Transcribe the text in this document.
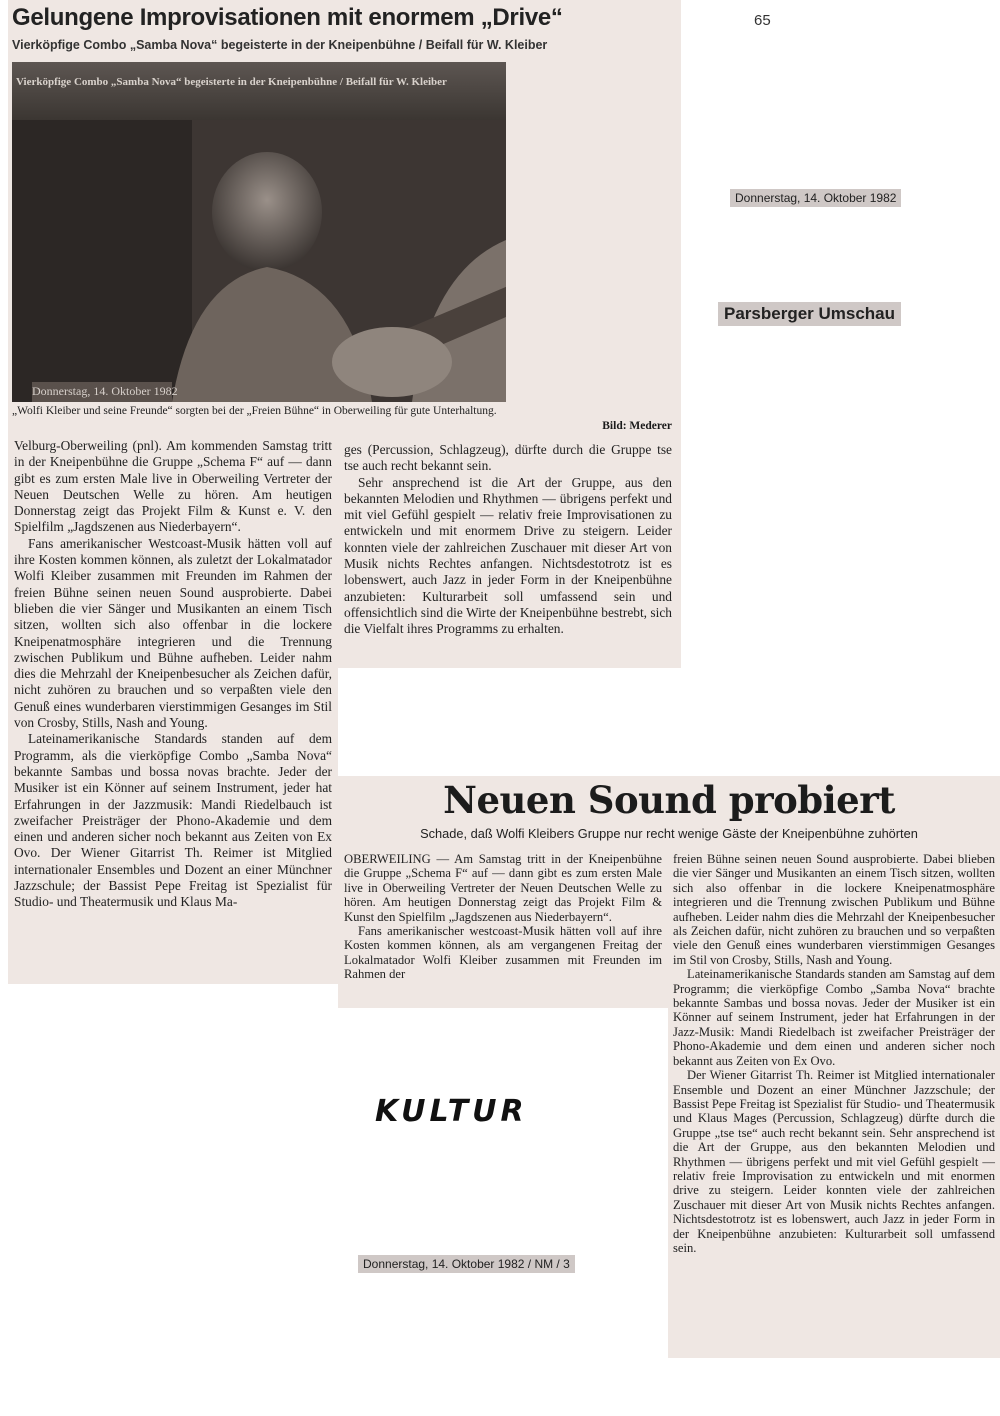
65
Gelungene Improvisationen mit enormem „Drive“
Vierköpfige Combo „Samba Nova“ begeisterte in der Kneipenbühne / Beifall für W. Kleiber
Vierköpfige Combo „Samba Nova“ begeisterte in der Kneipenbühne / Beifall für W. Kleiber
Donnerstag, 14. Oktober 1982
„Wolfi Kleiber und seine Freunde“ sorgten bei der „Freien Bühne“ in Oberweiling für gute Unterhaltung.
Bild: Mederer

Velburg-Oberweiling (pnl). Am kommenden Samstag tritt in der Kneipenbühne die Gruppe „Schema F“ auf — dann gibt es zum ersten Male live in Oberweiling Vertreter der Neuen Deutschen Welle zu hören. Am heutigen Donnerstag zeigt das Projekt Film & Kunst e. V. den Spielfilm „Jagdszenen aus Niederbayern“.

Fans amerikanischer Westcoast-Musik hätten voll auf ihre Kosten kommen können, als zuletzt der Lokalmatador Wolfi Kleiber zusammen mit Freunden im Rahmen der freien Bühne seinen neuen Sound ausprobierte. Dabei blieben die vier Sänger und Musikanten an einem Tisch sitzen, wollten sich also offenbar in die lockere Kneipenatmosphäre integrieren und die Trennung zwischen Publikum und Bühne aufheben. Leider nahm dies die Mehrzahl der Kneipenbesucher als Zeichen dafür, nicht zuhören zu brauchen und so verpaßten viele den Genuß eines wunderbaren vierstimmigen Gesanges im Stil von Crosby, Stills, Nash and Young.

Lateinamerikanische Standards standen auf dem Programm, als die vierköpfige Combo „Samba Nova“ bekannte Sambas und bossa novas brachte. Jeder der Musiker ist ein Könner auf seinem Instrument, jeder hat Erfahrungen in der Jazzmusik: Mandi Riedelbauch ist zweifacher Preisträger der Phono-Akademie und dem einen und anderen sicher noch bekannt aus Zeiten von Ex Ovo. Der Wiener Gitarrist Th. Reimer ist Mitglied internationaler Ensembles und Dozent an einer Münchner Jazzschule; der Bassist Pepe Freitag ist Spezialist für Studio- und Theatermusik und Klaus Ma-

ges (Percussion, Schlagzeug), dürfte durch die Gruppe tse tse auch recht bekannt sein.

Sehr ansprechend ist die Art der Gruppe, aus den bekannten Melodien und Rhythmen — übrigens perfekt und mit viel Gefühl gespielt — relativ freie Improvisationen zu entwickeln und mit enormem Drive zu steigern. Leider konnten viele der zahlreichen Zuschauer mit dieser Art von Musik nichts Rechtes anfangen. Nichtsdestotrotz ist es lobenswert, auch Jazz in jeder Form in der Kneipenbühne anzubieten: Kulturarbeit soll umfassend sein und offensichtlich sind die Wirte der Kneipenbühne bestrebt, sich die Vielfalt ihres Programms zu erhalten.

Donnerstag, 14. Oktober 1982
Parsberger Umschau
Neuen Sound probiert
Schade, daß Wolfi Kleibers Gruppe nur recht wenige Gäste der Kneipenbühne zuhörten

OBERWEILING — Am Samstag tritt in der Kneipenbühne die Gruppe „Schema F“ auf — dann gibt es zum ersten Male live in Oberweiling Vertreter der Neuen Deutschen Welle zu hören. Am heutigen Donnerstag zeigt das Projekt Film & Kunst den Spielfilm „Jagdszenen aus Niederbayern“.

Fans amerikanischer westcoast-Musik hätten voll auf ihre Kosten kommen können, als am vergangenen Freitag der Lokalmatador Wolfi Kleiber zusammen mit Freunden im Rahmen der

freien Bühne seinen neuen Sound ausprobierte. Dabei blieben die vier Sänger und Musikanten an einem Tisch sitzen, wollten sich also offenbar in die lockere Kneipenatmosphäre integrieren und die Trennung zwischen Publikum und Bühne aufheben. Leider nahm dies die Mehrzahl der Kneipenbesucher als Zeichen dafür, nicht zuhören zu brauchen und so verpaßten viele den Genuß eines wunderbaren vierstimmigen Gesanges im Stil von Crosby, Stills, Nash and Young.

Lateinamerikanische Standards standen am Samstag auf dem Programm; die vierköpfige Combo „Samba Nova“ brachte bekannte Sambas und bossa novas. Jeder der Musiker ist ein Könner auf seinem Instrument, jeder hat Erfahrungen in der Jazz-Musik: Mandi Riedelbach ist zweifacher Preisträger der Phono-Akademie und dem einen und anderen sicher noch bekannt aus Zeiten von Ex Ovo.

Der Wiener Gitarrist Th. Reimer ist Mitglied internationaler Ensemble und Dozent an einer Münchner Jazzschule; der Bassist Pepe Freitag ist Spezialist für Studio- und Theatermusik und Klaus Mages (Percussion, Schlagzeug) dürfte durch die Gruppe „tse tse“ auch recht bekannt sein. Sehr ansprechend ist die Art der Gruppe, aus den bekannten Melodien und Rhythmen — übrigens perfekt und mit viel Gefühl gespielt — relativ freie Improvisation zu entwickeln und mit enormen drive zu steigern. Leider konnten viele der zahlreichen Zuschauer mit dieser Art von Musik nichts Rechtes anfangen. Nichtsdestotrotz ist es lobenswert, auch Jazz in jeder Form in der Kneipenbühne anzubieten: Kulturarbeit soll umfassend sein.

KULTUR
Donnerstag, 14. Oktober 1982 / NM / 3
